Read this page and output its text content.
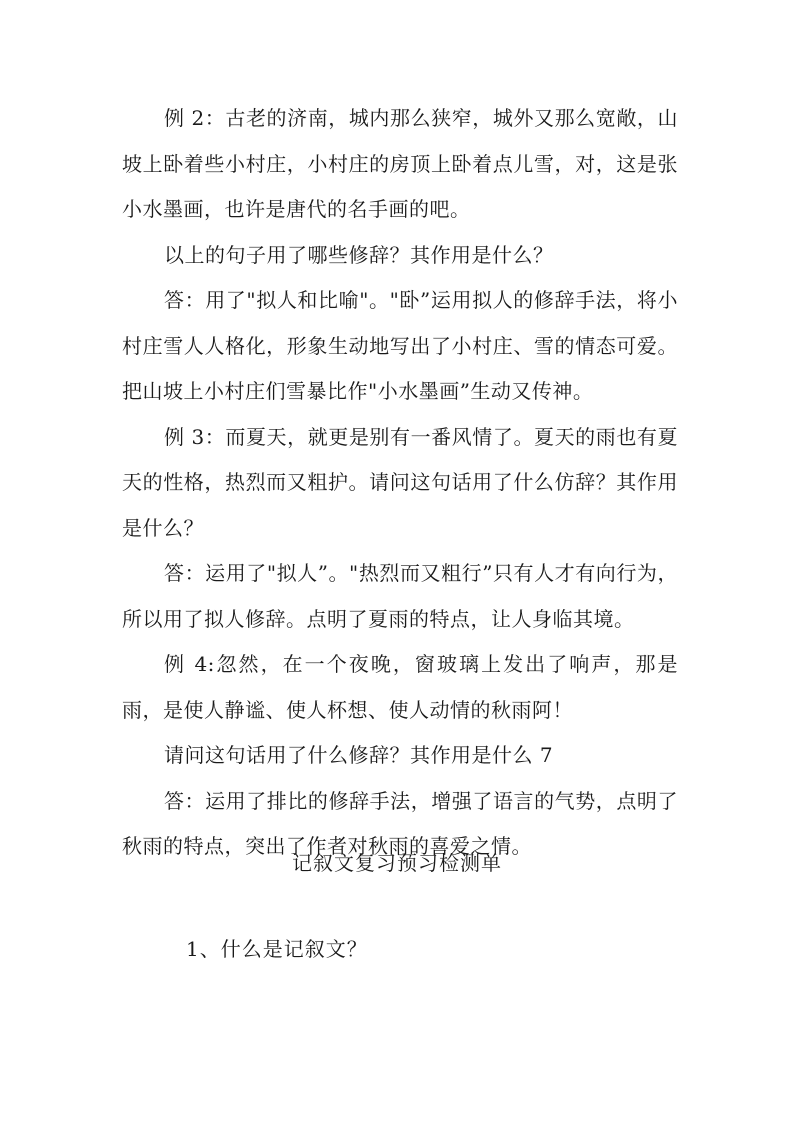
例 2：古老的济南，城内那么狭窄，城外又那么宽敞，山坡上卧着些小村庄，小村庄的房顶上卧着点儿雪，对，这是张小水墨画，也许是唐代的名手画的吧。

以上的句子用了哪些修辞？其作用是什么？

答：用了"拟人和比喻"。"卧”运用拟人的修辞手法，将小村庄雪人人格化，形象生动地写出了小村庄、雪的情态可爱。把山坡上小村庄们雪暴比作"小水墨画”生动又传神。

例 3：而夏天，就更是别有一番风情了。夏天的雨也有夏天的性格，热烈而又粗护。请问这句话用了什么仿辞？其作用是什么？

答：运用了"拟人”。"热烈而又粗行”只有人才有向行为，所以用了拟人修辞。点明了夏雨的特点，让人身临其境。

例 4:忽然，在一个夜晚，窗玻璃上发出了响声，那是雨，是使人静谧、使人杯想、使人动情的秋雨阿！

请问这句话用了什么修辞？其作用是什么 7

答：运用了排比的修辞手法，增强了语言的气势，点明了秋雨的特点，突出了作者对秋雨的喜爱之情。

记叙文复习预习检测单

1、什么是记叙文？
